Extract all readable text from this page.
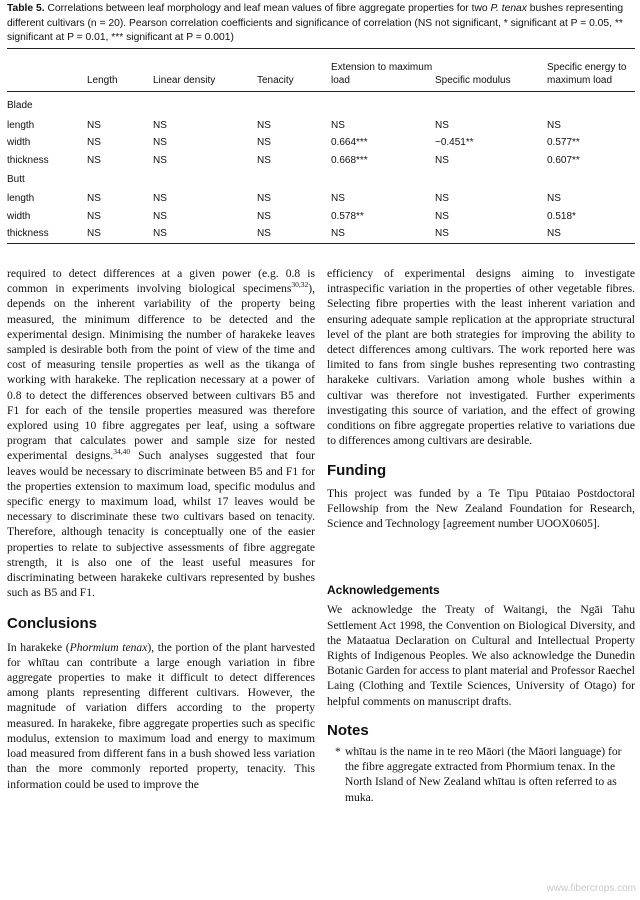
Table 5. Correlations between leaf morphology and leaf mean values of fibre aggregate properties for two P. tenax bushes representing different cultivars (n = 20). Pearson correlation coefficients and significance of correlation (NS not significant, * significant at P = 0.05, ** significant at P = 0.01, *** significant at P = 0.001)
	Length	Linear density	Tenacity	Extension to maximum load	Specific modulus	Specific energy to maximum load
Blade						
length	NS	NS	NS	NS	NS	NS
width	NS	NS	NS	0.664***	−0.451**	0.577**
thickness	NS	NS	NS	0.668***	NS	0.607**
Butt						
length	NS	NS	NS	NS	NS	NS
width	NS	NS	NS	0.578**	NS	0.518*
thickness	NS	NS	NS	NS	NS	NS

required to detect differences at a given power (e.g. 0.8 is common in experiments involving biological specimens$^{30,32}$), depends on the inherent variability of the property being measured, the minimum difference to be detected and the experimental design. Minimising the number of harakeke leaves sampled is desirable both from the point of view of the time and cost of measuring tensile properties as well as the tikanga of working with harakeke. The replication necessary at a power of 0.8 to detect the differences observed between cultivars B5 and F1 for each of the tensile properties measured was therefore explored using 10 fibre aggregates per leaf, using a software program that calculates power and sample size for nested experimental designs.$^{34,40}$ Such analyses suggested that four leaves would be necessary to discriminate between B5 and F1 for the properties extension to maximum load, specific modulus and specific energy to maximum load, whilst 17 leaves would be necessary to discriminate these two cultivars based on tenacity. Therefore, although tenacity is conceptually one of the easier properties to relate to subjective assessments of fibre aggregate strength, it is also one of the least useful measures for discriminating between harakeke cultivars represented by bushes such as B5 and F1.

Conclusions

In harakeke (Phormium tenax), the portion of the plant harvested for whītau can contribute a large enough variation in fibre aggregate properties to make it difficult to detect differences among plants representing different cultivars. However, the magnitude of variation differs according to the property measured. In harakeke, fibre aggregate properties such as specific modulus, extension to maximum load and energy to maximum load measured from different fans in a bush showed less variation than the more commonly reported property, tenacity. This information could be used to improve the

efficiency of experimental designs aiming to investigate intraspecific variation in the properties of other vegetable fibres. Selecting fibre properties with the least inherent variation and ensuring adequate sample replication at the appropriate structural level of the plant are both strategies for improving the ability to detect differences among cultivars. The work reported here was limited to fans from single bushes representing two contrasting harakeke cultivars. Variation among whole bushes within a cultivar was therefore not investigated. Further experiments investigating this source of variation, and the effect of growing conditions on fibre aggregate properties relative to variations due to differences among cultivars are desirable.

Funding

This project was funded by a Te Tipu Pūtaiao Postdoctoral Fellowship from the New Zealand Foundation for Research, Science and Technology [agreement number UOOX0605].

Acknowledgements

We acknowledge the Treaty of Waitangi, the Ngāi Tahu Settlement Act 1998, the Convention on Biological Diversity, and the Mataatua Declaration on Cultural and Intellectual Property Rights of Indigenous Peoples. We also acknowledge the Dunedin Botanic Garden for access to plant material and Professor Raechel Laing (Clothing and Textile Sciences, University of Otago) for helpful comments on manuscript drafts.

Notes
* whītau is the name in te reo Māori (the Māori language) for the fibre aggregate extracted from Phormium tenax. In the North Island of New Zealand whītau is often referred to as muka.

www.fibercrops.com
